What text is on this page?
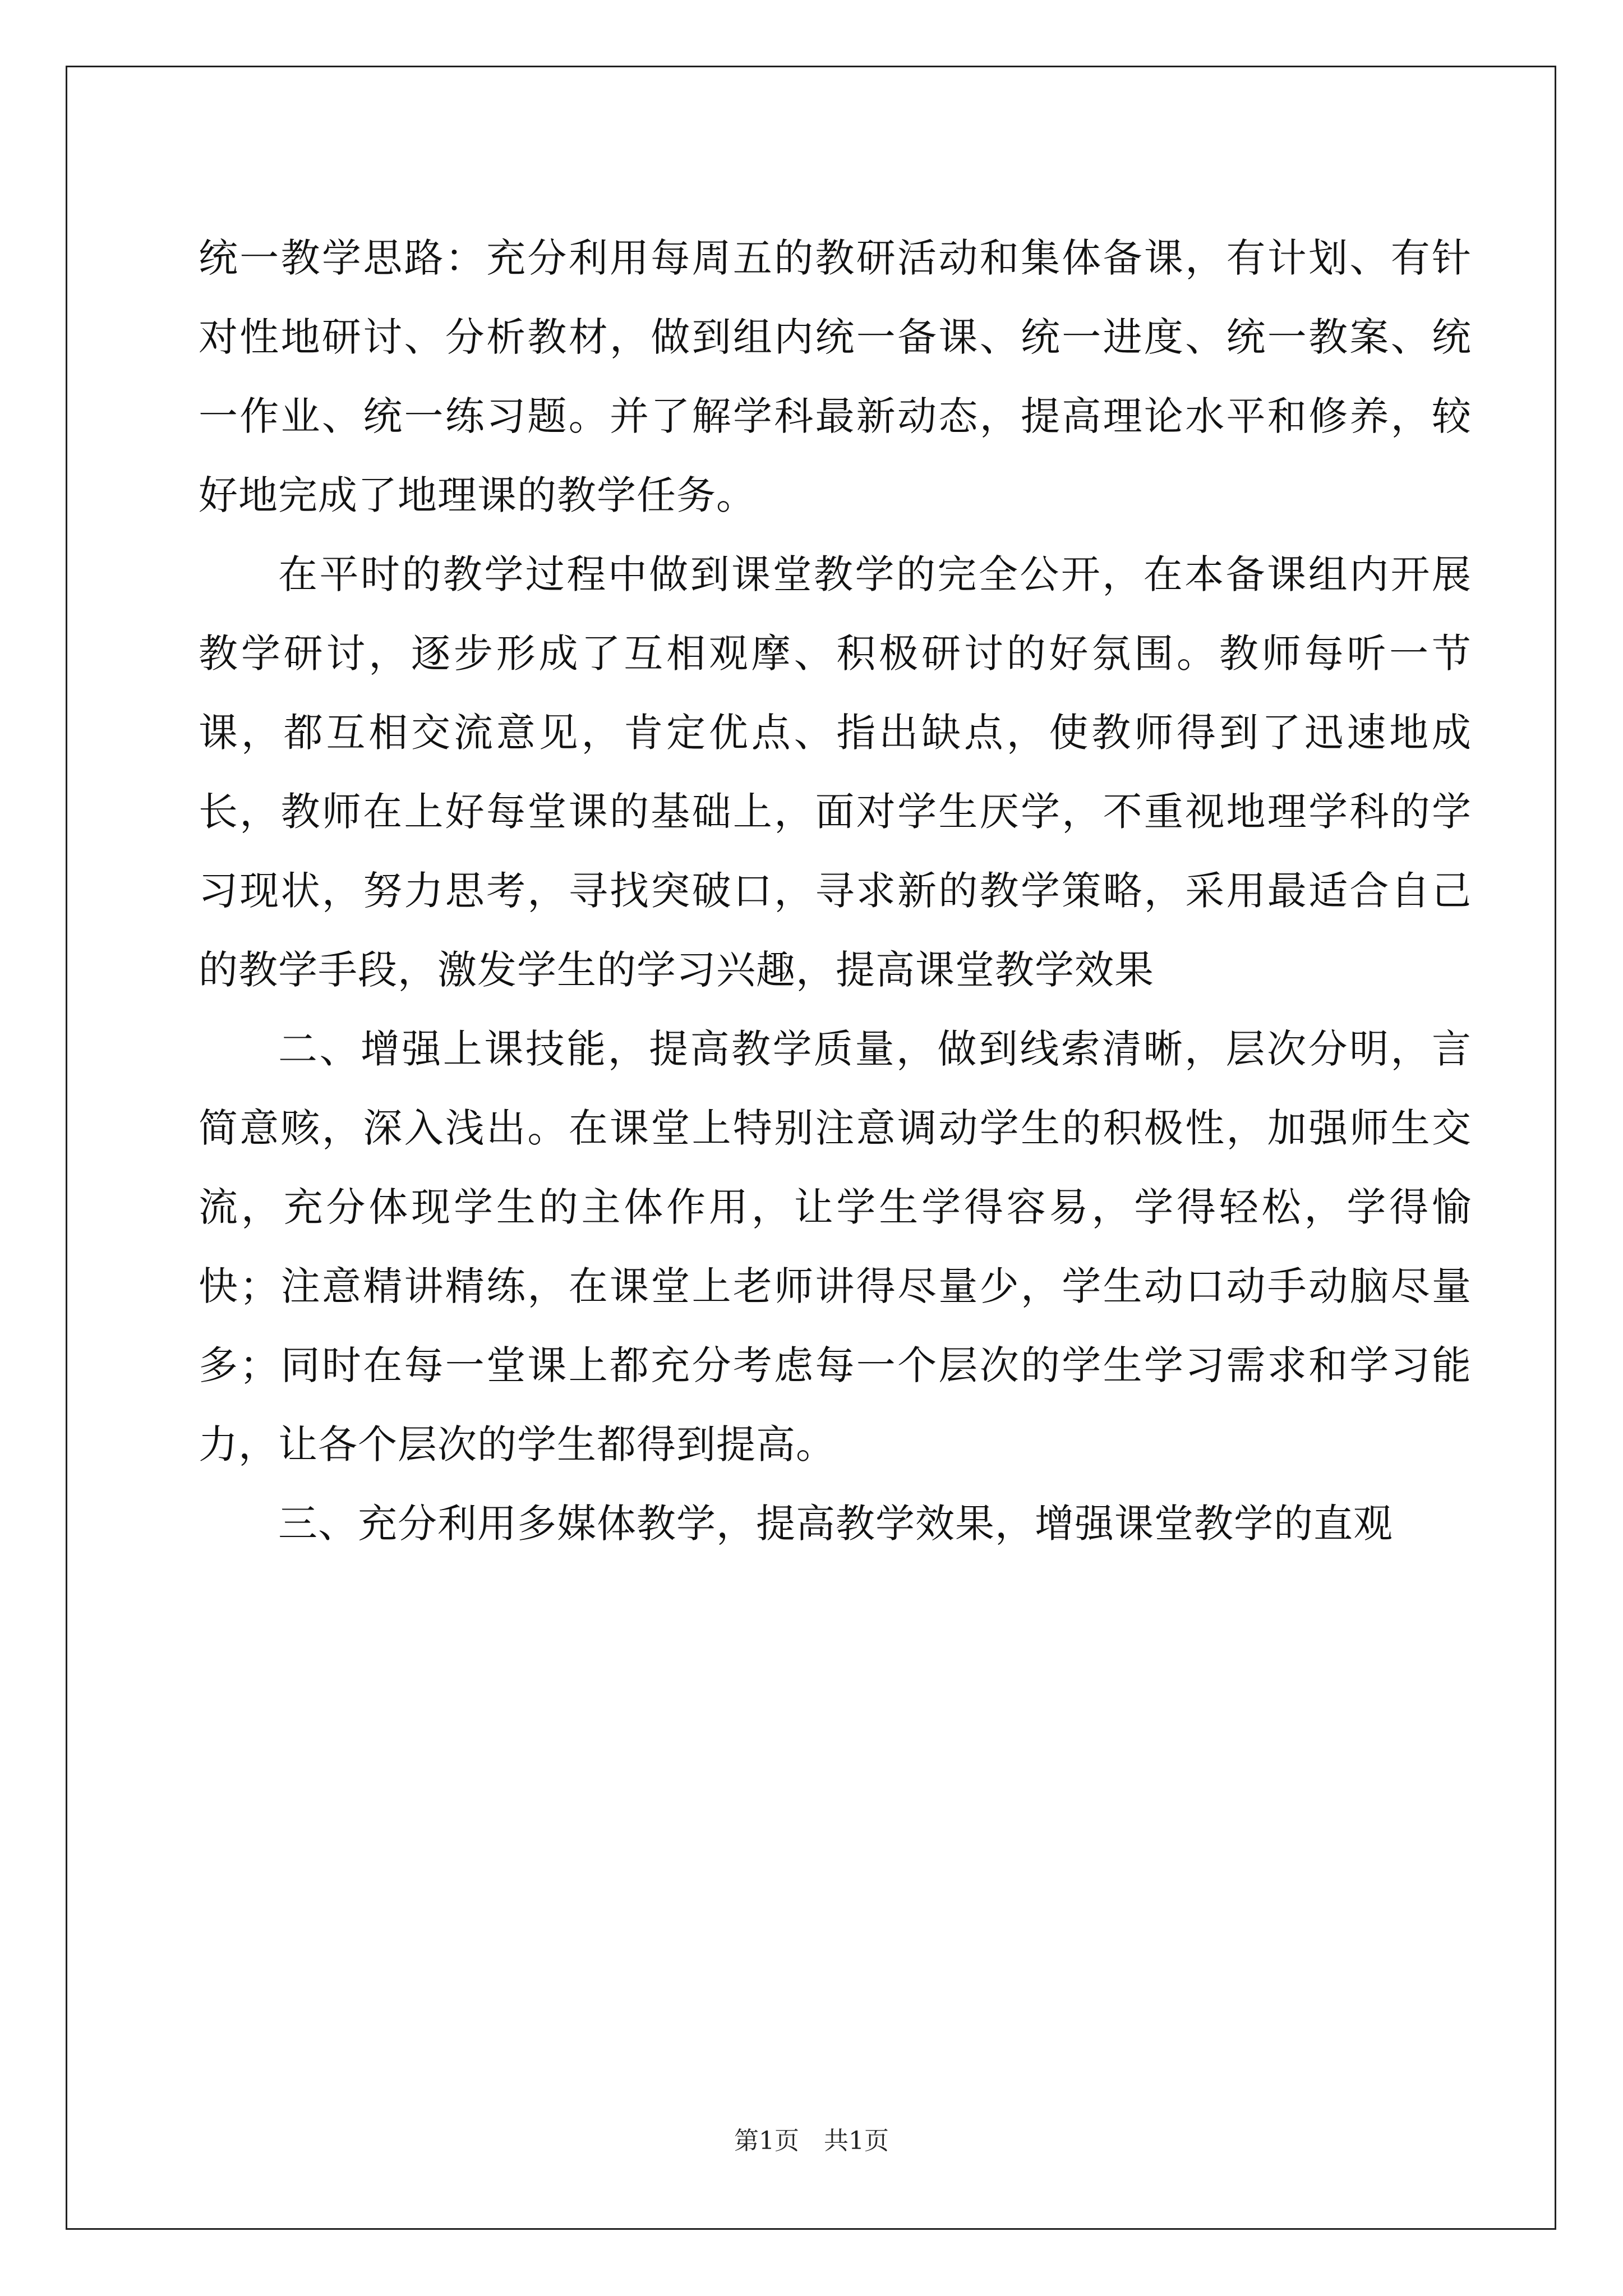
统一教学思路：充分利用每周五的教研活动和集体备课，有计划、有针对性地研讨、分析教材，做到组内统一备课、统一进度、统一教案、统一作业、统一练习题。并了解学科最新动态，提高理论水平和修养，较好地完成了地理课的教学任务。

在平时的教学过程中做到课堂教学的完全公开，在本备课组内开展教学研讨，逐步形成了互相观摩、积极研讨的好氛围。教师每听一节课，都互相交流意见，肯定优点、指出缺点，使教师得到了迅速地成长，教师在上好每堂课的基础上，面对学生厌学，不重视地理学科的学习现状，努力思考，寻找突破口，寻求新的教学策略，采用最适合自己的教学手段，激发学生的学习兴趣，提高课堂教学效果

二、增强上课技能，提高教学质量，做到线索清晰，层次分明，言简意赅，深入浅出。在课堂上特别注意调动学生的积极性，加强师生交流，充分体现学生的主体作用，让学生学得容易，学得轻松，学得愉快；注意精讲精练，在课堂上老师讲得尽量少，学生动口动手动脑尽量多；同时在每一堂课上都充分考虑每一个层次的学生学习需求和学习能力，让各个层次的学生都得到提高。

三、充分利用多媒体教学，提高教学效果，增强课堂教学的直观

第1页 共1页
